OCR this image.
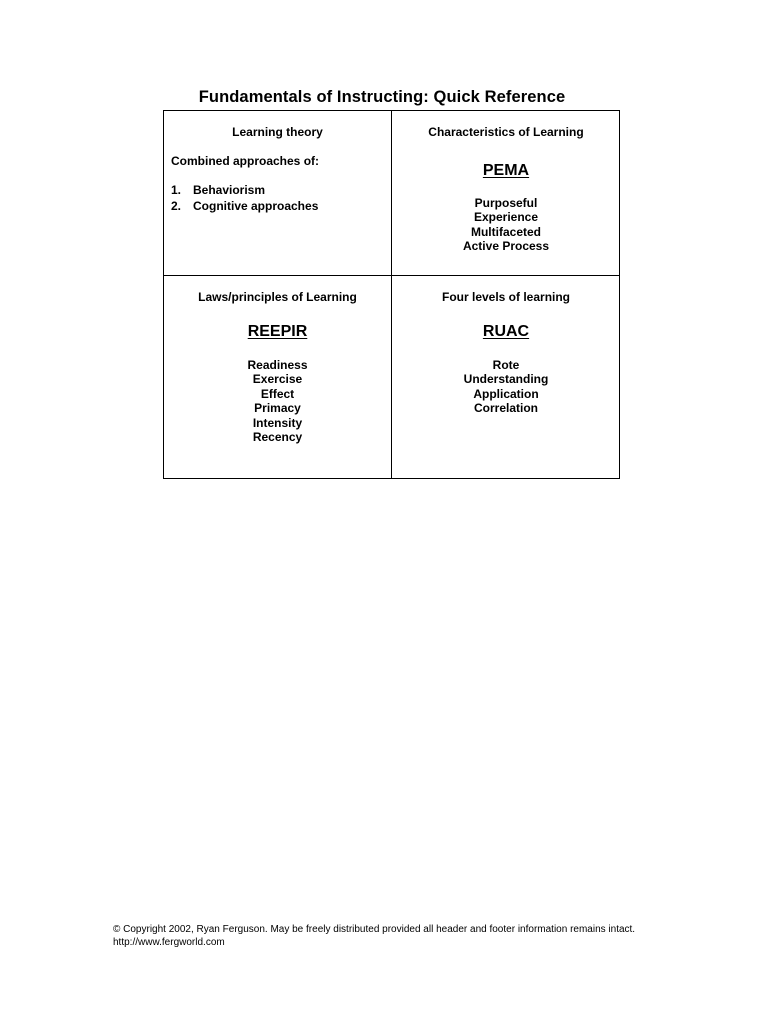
Fundamentals of Instructing: Quick Reference
Learning theory
Combined approaches of:
1. Behaviorism
2. Cognitive approaches
Characteristics of Learning
PEMA
Purposeful
Experience
Multifaceted
Active Process
Laws/principles of Learning
REEPIR
Readiness
Exercise
Effect
Primacy
Intensity
Recency
Four levels of learning
RUAC
Rote
Understanding
Application
Correlation
© Copyright 2002, Ryan Ferguson. May be freely distributed provided all header and footer information remains intact.
http://www.fergworld.com
